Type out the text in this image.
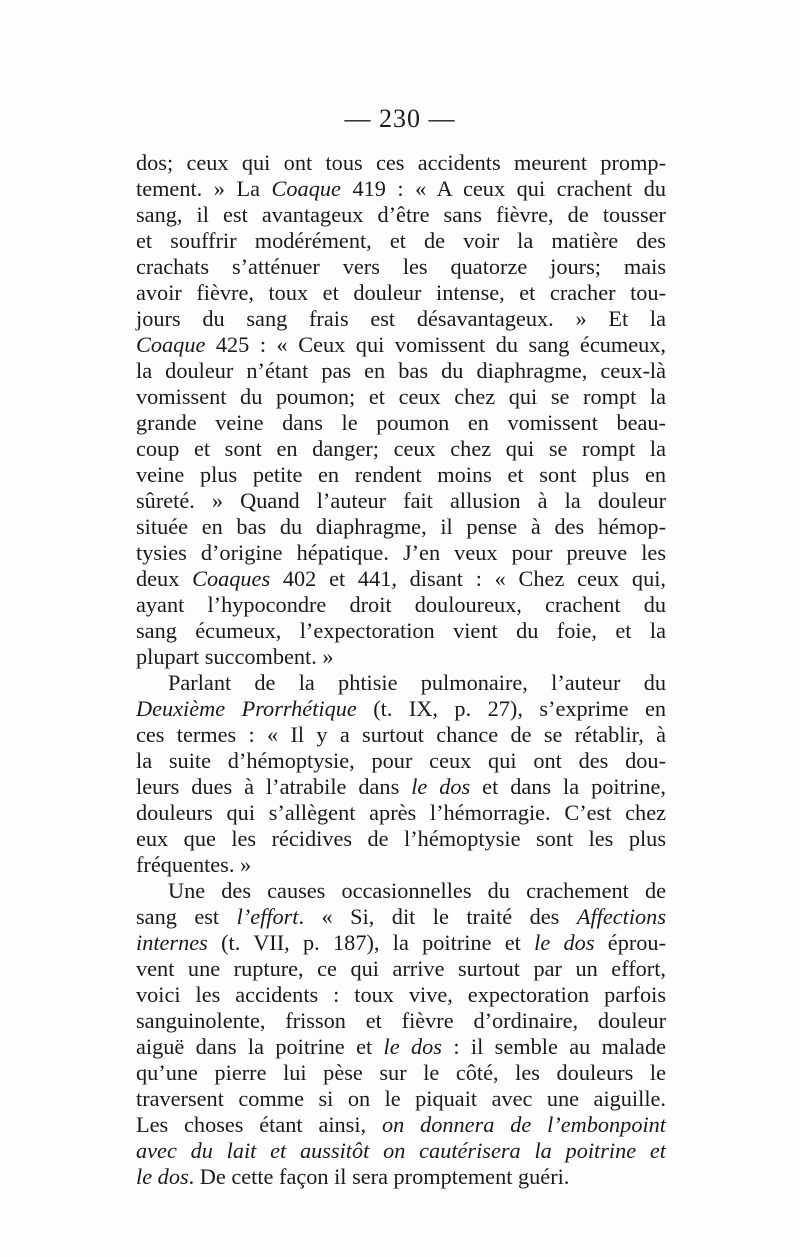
— 230 —
dos; ceux qui ont tous ces accidents meurent promp-
tement. » La Coaque 419 : « A ceux qui crachent du
sang, il est avantageux d’être sans fièvre, de tousser
et souffrir modérément, et de voir la matière des
crachats s’atténuer vers les quatorze jours; mais
avoir fièvre, toux et douleur intense, et cracher tou-
jours du sang frais est désavantageux. » Et la
Coaque 425 : « Ceux qui vomissent du sang écumeux,
la douleur n’étant pas en bas du diaphragme, ceux-là
vomissent du poumon; et ceux chez qui se rompt la
grande veine dans le poumon en vomissent beau-
coup et sont en danger; ceux chez qui se rompt la
veine plus petite en rendent moins et sont plus en
sûreté. » Quand l’auteur fait allusion à la douleur
située en bas du diaphragme, il pense à des hémop-
tysies d’origine hépatique. J’en veux pour preuve les
deux Coaques 402 et 441, disant : « Chez ceux qui,
ayant l’hypocondre droit douloureux, crachent du
sang écumeux, l’expectoration vient du foie, et la
plupart succombent. »
Parlant de la phtisie pulmonaire, l’auteur du
Deuxième Prorrhétique (t. IX, p. 27), s’exprime en
ces termes : « Il y a surtout chance de se rétablir, à
la suite d’hémoptysie, pour ceux qui ont des dou-
leurs dues à l’atrabile dans le dos et dans la poitrine,
douleurs qui s’allègent après l’hémorragie. C’est chez
eux que les récidives de l’hémoptysie sont les plus
fréquentes. »
Une des causes occasionnelles du crachement de
sang est l’effort. « Si, dit le traité des Affections
internes (t. VII, p. 187), la poitrine et le dos éprou-
vent une rupture, ce qui arrive surtout par un effort,
voici les accidents : toux vive, expectoration parfois
sanguinolente, frisson et fièvre d’ordinaire, douleur
aiguë dans la poitrine et le dos : il semble au malade
qu’une pierre lui pèse sur le côté, les douleurs le
traversent comme si on le piquait avec une aiguille.
Les choses étant ainsi, on donnera de l’embonpoint
avec du lait et aussitôt on cautérisera la poitrine et
le dos. De cette façon il sera promptement guéri.
